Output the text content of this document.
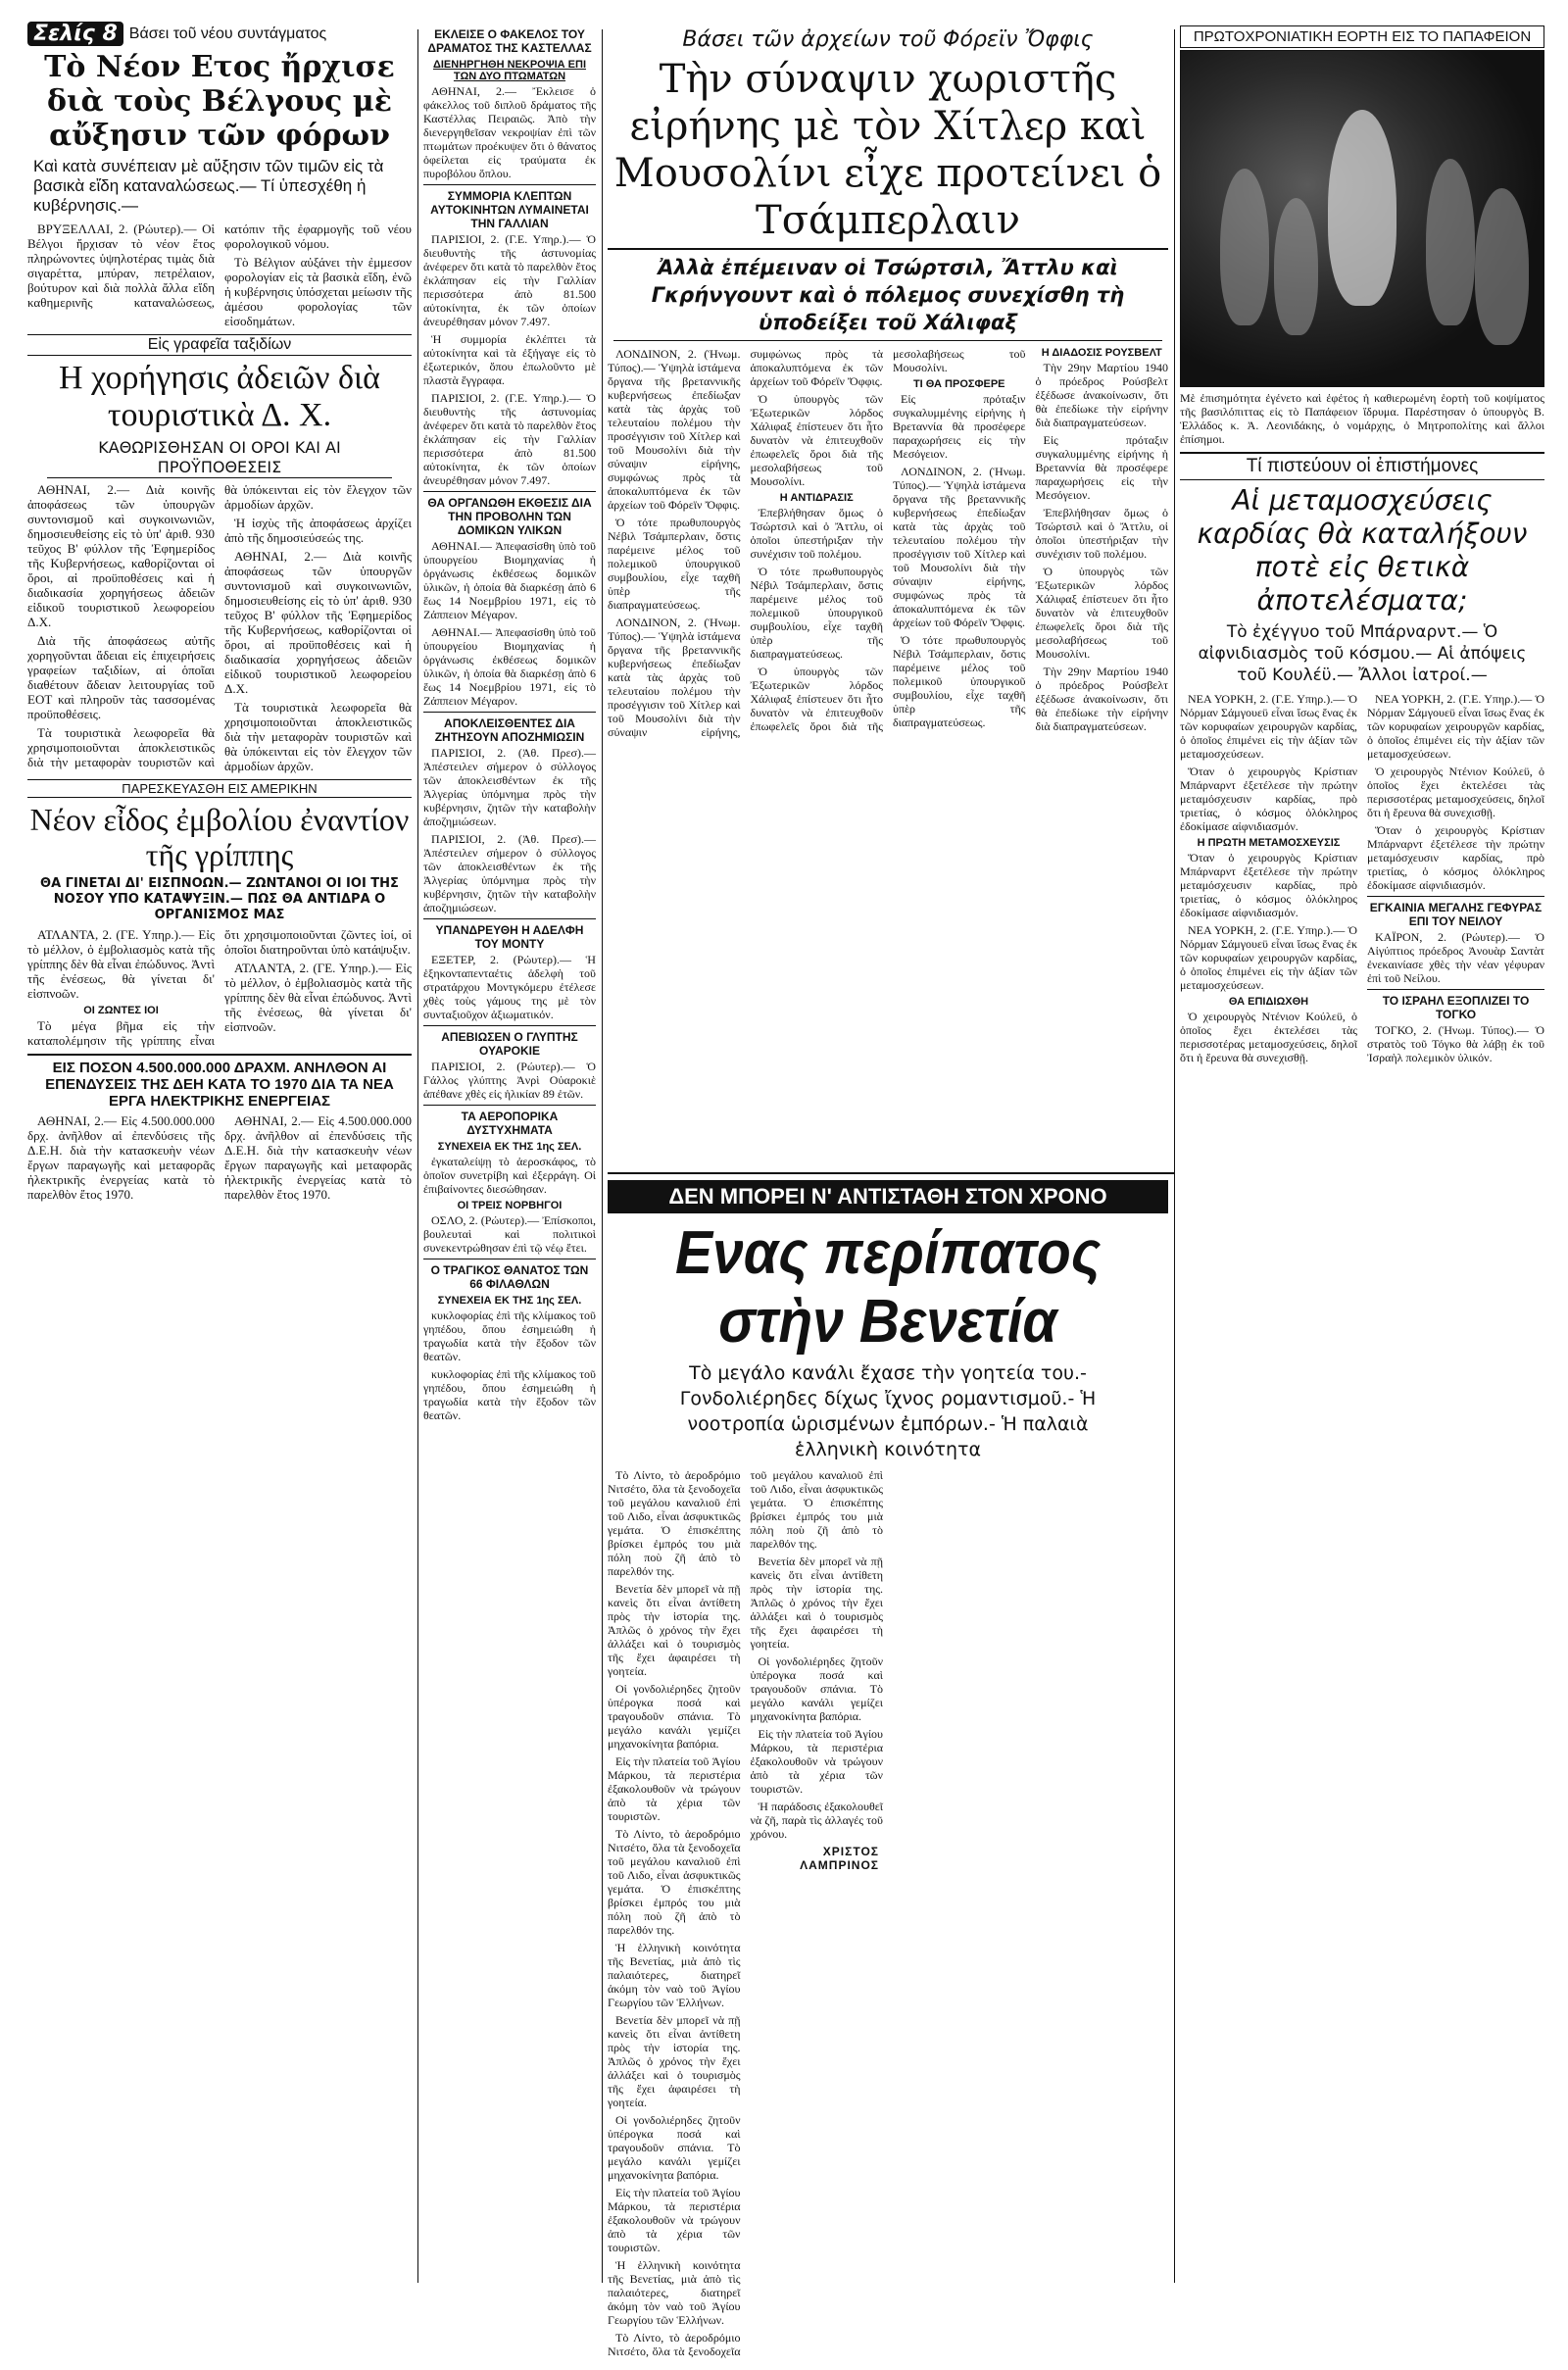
Σελίς 8 Βάσει τοῦ νέου συντάγματος
Τὸ Νέον Ετος ἤρχισε διὰ τοὺς Βέλγους μὲ αὔξησιν τῶν φόρων

Καὶ κατὰ συνέπειαν μὲ αὔξησιν τῶν τιμῶν εἰς τὰ βασικὰ εἴδη καταναλώσεως.— Τί ὑπεσχέθη ἡ κυβέρνησις.—

ΒΡΥΞΕΛΛΑΙ, 2. (Ρώυτερ).— Οἱ Βέλγοι ἤρχισαν τὸ νέον ἔτος πληρώνοντες ὑψηλοτέρας τιμὰς διὰ σιγαρέττα, μπύραν, πετρέλαιον, βούτυρον καὶ διὰ πολλὰ ἄλλα εἴδη καθημερινῆς καταναλώσεως, κατόπιν τῆς ἐφαρμογῆς τοῦ νέου φορολογικοῦ νόμου.

Τὸ Βέλγιον αὐξάνει τὴν ἐμμεσον φορολογίαν εἰς τὰ βασικὰ εἴδη, ἐνῶ ἡ κυβέρνησις ὑπόσχεται μείωσιν τῆς ἀμέσου φορολογίας τῶν εἰσοδημάτων.

Εἰς γραφεῖα ταξιδίων
Η χορήγησις ἀδειῶν διὰ τουριστικὰ Δ. Χ.

ΚΑΘΩΡΙΣΘΗΣΑΝ ΟΙ ΟΡΟΙ ΚΑΙ ΑΙ ΠΡΟΫΠΟΘΕΣΕΙΣ

ΑΘΗΝΑΙ, 2.— Διὰ κοινῆς ἀποφάσεως τῶν ὑπουργῶν συντονισμοῦ καὶ συγκοινωνιῶν, δημοσιευθείσης εἰς τὸ ὑπ' ἀριθ. 930 τεῦχος Β' φύλλον τῆς Ἐφημερίδος τῆς Κυβερνήσεως, καθορίζονται οἱ ὅροι, αἱ προϋποθέσεις καὶ ἡ διαδικασία χορηγήσεως ἀδειῶν εἰδικοῦ τουριστικοῦ λεωφορείου Δ.Χ.

Διὰ τῆς ἀποφάσεως αὐτῆς χορηγοῦνται ἄδειαι εἰς ἐπιχειρήσεις γραφείων ταξιδίων, αἱ ὁποῖαι διαθέτουν ἄδειαν λειτουργίας τοῦ ΕΟΤ καὶ πληροῦν τὰς τασσομένας προϋποθέσεις.

Τὰ τουριστικὰ λεωφορεῖα θὰ χρησιμοποιοῦνται ἀποκλειστικῶς διὰ τὴν μεταφορὰν τουριστῶν καὶ θὰ ὑπόκεινται εἰς τὸν ἔλεγχον τῶν ἁρμοδίων ἀρχῶν.

Ἡ ἰσχὺς τῆς ἀποφάσεως ἀρχίζει ἀπὸ τῆς δημοσιεύσεώς της.

ΑΘΗΝΑΙ, 2.— Διὰ κοινῆς ἀποφάσεως τῶν ὑπουργῶν συντονισμοῦ καὶ συγκοινωνιῶν, δημοσιευθείσης εἰς τὸ ὑπ' ἀριθ. 930 τεῦχος Β' φύλλον τῆς Ἐφημερίδος τῆς Κυβερνήσεως, καθορίζονται οἱ ὅροι, αἱ προϋποθέσεις καὶ ἡ διαδικασία χορηγήσεως ἀδειῶν εἰδικοῦ τουριστικοῦ λεωφορείου Δ.Χ.

Τὰ τουριστικὰ λεωφορεῖα θὰ χρησιμοποιοῦνται ἀποκλειστικῶς διὰ τὴν μεταφορὰν τουριστῶν καὶ θὰ ὑπόκεινται εἰς τὸν ἔλεγχον τῶν ἁρμοδίων ἀρχῶν.

ΠΑΡΕΣΚΕΥΑΣΘΗ ΕΙΣ ΑΜΕΡΙΚΗΝ
Νέον εἶδος ἐμβολίου ἐναντίον τῆς γρίππης

ΘΑ ΓΙΝΕΤΑΙ ΔΙ' ΕΙΣΠΝΟΩΝ.— ΖΩΝΤΑΝΟΙ ΟΙ ΙΟΙ ΤΗΣ ΝΟΣΟΥ ΥΠΟ ΚΑΤΑΨΥΞΙΝ.— ΠΩΣ ΘΑ ΑΝΤΙΔΡΑ Ο ΟΡΓΑΝΙΣΜΟΣ ΜΑΣ

ΑΤΛΑΝΤΑ, 2. (ΓΕ. Υπηρ.).— Εἰς τὸ μέλλον, ὁ ἐμβολιασμὸς κατὰ τῆς γρίππης δὲν θὰ εἶναι ἐπώδυνος. Ἀντὶ τῆς ἐνέσεως, θὰ γίνεται δι' εἰσπνοῶν.

ΟΙ ΖΩΝΤΕΣ ΙΟΙ

Τὸ μέγα βῆμα εἰς τὴν καταπολέμησιν τῆς γρίππης εἶναι ὅτι χρησιμοποιοῦνται ζῶντες ἰοί, οἱ ὁποῖοι διατηροῦνται ὑπὸ κατάψυξιν.

ΑΤΛΑΝΤΑ, 2. (ΓΕ. Υπηρ.).— Εἰς τὸ μέλλον, ὁ ἐμβολιασμὸς κατὰ τῆς γρίππης δὲν θὰ εἶναι ἐπώδυνος. Ἀντὶ τῆς ἐνέσεως, θὰ γίνεται δι' εἰσπνοῶν.

ΕΙΣ ΠΟΣΟΝ 4.500.000.000 ΔΡΑΧΜ. ΑΝΗΛΘΟΝ ΑΙ ΕΠΕΝΔΥΣΕΙΣ ΤΗΣ ΔΕΗ ΚΑΤΑ ΤΟ 1970 ΔΙΑ ΤΑ ΝΕΑ ΕΡΓΑ ΗΛΕΚΤΡΙΚΗΣ ΕΝΕΡΓΕΙΑΣ

ΑΘΗΝΑΙ, 2.— Εἰς 4.500.000.000 δρχ. ἀνῆλθον αἱ ἐπενδύσεις τῆς Δ.Ε.Η. διὰ τὴν κατασκευὴν νέων ἔργων παραγωγῆς καὶ μεταφορᾶς ἠλεκτρικῆς ἐνεργείας κατὰ τὸ παρελθὸν ἔτος 1970.

ΑΘΗΝΑΙ, 2.— Εἰς 4.500.000.000 δρχ. ἀνῆλθον αἱ ἐπενδύσεις τῆς Δ.Ε.Η. διὰ τὴν κατασκευὴν νέων ἔργων παραγωγῆς καὶ μεταφορᾶς ἠλεκτρικῆς ἐνεργείας κατὰ τὸ παρελθὸν ἔτος 1970.

ΕΚΛΕΙΣΕ Ο ΦΑΚΕΛΟΣ ΤΟΥ ΔΡΑΜΑΤΟΣ ΤΗΣ ΚΑΣΤΕΛΛΑΣ

ΔΙΕΝΗΡΓΗΘΗ ΝΕΚΡΟΨΙΑ ΕΠΙ ΤΩΝ ΔΥΟ ΠΤΩΜΑΤΩΝ

ΑΘΗΝΑΙ, 2.— Ἔκλεισε ὁ φάκελλος τοῦ διπλοῦ δράματος τῆς Καστέλλας Πειραιῶς. Ἀπὸ τὴν διενεργηθεῖσαν νεκροψίαν ἐπὶ τῶν πτωμάτων προέκυψεν ὅτι ὁ θάνατος ὀφείλεται εἰς τραύματα ἐκ πυροβόλου ὅπλου.

ΣΥΜΜΟΡΙΑ ΚΛΕΠΤΩΝ ΑΥΤΟΚΙΝΗΤΩΝ ΛΥΜΑΙΝΕΤΑΙ ΤΗΝ ΓΑΛΛΙΑΝ

ΠΑΡΙΣΙΟΙ, 2. (Γ.Ε. Υπηρ.).— Ὁ διευθυντὴς τῆς ἀστυνομίας ἀνέφερεν ὅτι κατὰ τὸ παρελθὸν ἔτος ἐκλάπησαν εἰς τὴν Γαλλίαν περισσότερα ἀπὸ 81.500 αὐτοκίνητα, ἐκ τῶν ὁποίων ἀνευρέθησαν μόνον 7.497.

Ἡ συμμορία ἐκλέπτει τὰ αὐτοκίνητα καὶ τὰ ἐξήγαγε εἰς τὸ ἐξωτερικόν, ὅπου ἐπωλοῦντο μὲ πλαστὰ ἔγγραφα.

ΠΑΡΙΣΙΟΙ, 2. (Γ.Ε. Υπηρ.).— Ὁ διευθυντὴς τῆς ἀστυνομίας ἀνέφερεν ὅτι κατὰ τὸ παρελθὸν ἔτος ἐκλάπησαν εἰς τὴν Γαλλίαν περισσότερα ἀπὸ 81.500 αὐτοκίνητα, ἐκ τῶν ὁποίων ἀνευρέθησαν μόνον 7.497.

ΘΑ ΟΡΓΑΝΩΘΗ ΕΚΘΕΣΙΣ ΔΙΑ ΤΗΝ ΠΡΟΒΟΛΗΝ ΤΩΝ ΔΟΜΙΚΩΝ ΥΛΙΚΩΝ

ΑΘΗΝΑΙ.— Ἀπεφασίσθη ὑπὸ τοῦ ὑπουργείου Βιομηχανίας ἡ ὀργάνωσις ἐκθέσεως δομικῶν ὑλικῶν, ἡ ὁποία θὰ διαρκέσῃ ἀπὸ 6 ἕως 14 Νοεμβρίου 1971, εἰς τὸ Ζάππειον Μέγαρον.

ΑΘΗΝΑΙ.— Ἀπεφασίσθη ὑπὸ τοῦ ὑπουργείου Βιομηχανίας ἡ ὀργάνωσις ἐκθέσεως δομικῶν ὑλικῶν, ἡ ὁποία θὰ διαρκέσῃ ἀπὸ 6 ἕως 14 Νοεμβρίου 1971, εἰς τὸ Ζάππειον Μέγαρον.

ΑΠΟΚΛΕΙΣΘΕΝΤΕΣ ΔΙΑ ΖΗΤΗΣΟΥΝ ΑΠΟΖΗΜΙΩΣΙΝ

ΠΑΡΙΣΙΟΙ, 2. (Ἀθ. Πρεσ).— Ἀπέστειλεν σήμερον ὁ σύλλογος τῶν ἀποκλεισθέντων ἐκ τῆς Ἀλγερίας ὑπόμνημα πρὸς τὴν κυβέρνησιν, ζητῶν τὴν καταβολὴν ἀποζημιώσεων.

ΠΑΡΙΣΙΟΙ, 2. (Ἀθ. Πρεσ).— Ἀπέστειλεν σήμερον ὁ σύλλογος τῶν ἀποκλεισθέντων ἐκ τῆς Ἀλγερίας ὑπόμνημα πρὸς τὴν κυβέρνησιν, ζητῶν τὴν καταβολὴν ἀποζημιώσεων.

ΥΠΑΝΔΡΕΥΘΗ Η ΑΔΕΛΦΗ ΤΟΥ ΜΟΝΤΥ

ΕΞΕΤΕΡ, 2. (Ρώυτερ).— Ἡ ἑξηκονταπενταέτις ἀδελφὴ τοῦ στρατάρχου Μοντγκόμερυ ἐτέλεσε χθὲς τοὺς γάμους της μὲ τὸν συνταξιοῦχον ἀξιωματικόν.

ΑΠΕΒΙΩΣΕΝ Ο ΓΛΥΠΤΗΣ ΟΥΑΡΟΚΙΕ

ΠΑΡΙΣΙΟΙ, 2. (Ρώυτερ).— Ὁ Γάλλος γλύπτης Ἀνρὶ Οὐαροκιὲ ἀπέθανε χθὲς εἰς ἡλικίαν 89 ἐτῶν.

ΤΑ ΑΕΡΟΠΟΡΙΚΑ ΔΥΣΤΥΧΗΜΑΤΑ

ΣΥΝΕΧΕΙΑ ΕΚ ΤΗΣ 1ης ΣΕΛ.

ἐγκαταλείψῃ τὸ ἀεροσκάφος, τὸ ὁποῖον συνετρίβη καὶ ἐξερράγη. Οἱ ἐπιβαίνοντες διεσώθησαν.

ΟΙ ΤΡΕΙΣ ΝΟΡΒΗΓΟΙ

ΟΣΛΟ, 2. (Ρώυτερ).— Ἐπίσκοποι, βουλευταὶ καὶ πολιτικοὶ συνεκεντρώθησαν ἐπὶ τῷ νέῳ ἔτει.

Ο ΤΡΑΓΙΚΟΣ ΘΑΝΑΤΟΣ ΤΩΝ 66 ΦΙΛΑΘΛΩΝ

ΣΥΝΕΧΕΙΑ ΕΚ ΤΗΣ 1ης ΣΕΛ.

κυκλοφορίας ἐπὶ τῆς κλίμακος τοῦ γηπέδου, ὅπου ἐσημειώθη ἡ τραγωδία κατὰ τὴν ἔξοδον τῶν θεατῶν.

κυκλοφορίας ἐπὶ τῆς κλίμακος τοῦ γηπέδου, ὅπου ἐσημειώθη ἡ τραγωδία κατὰ τὴν ἔξοδον τῶν θεατῶν.

Βάσει τῶν ἀρχείων τοῦ Φόρεϊν Ὄφφις

Τὴν σύναψιν χωριστῆς εἰρήνης μὲ τὸν Χίτλερ καὶ Μουσολίνι εἶχε προτείνει ὁ Τσάμπερλαιν

Ἀλλὰ ἐπέμειναν οἱ Τσώρτσιλ, Ἄττλυ καὶ Γκρήνγουντ καὶ ὁ πόλεμος συνεχίσθη τὴ ὑποδείξει τοῦ Χάλιφαξ

ΛΟΝΔΙΝΟΝ, 2. (Ἡνωμ. Τύπος).— Ὑψηλὰ ἱστάμενα ὄργανα τῆς βρεταννικῆς κυβερνήσεως ἐπεδίωξαν κατὰ τὰς ἀρχὰς τοῦ τελευταίου πολέμου τὴν προσέγγισιν τοῦ Χίτλερ καὶ τοῦ Μουσολίνι διὰ τὴν σύναψιν εἰρήνης, συμφώνως πρὸς τὰ ἀποκαλυπτόμενα ἐκ τῶν ἀρχείων τοῦ Φόρεϊν Ὄφφις.

Ὁ τότε πρωθυπουργὸς Νέβιλ Τσάμπερλαιν, ὅστις παρέμεινε μέλος τοῦ πολεμικοῦ ὑπουργικοῦ συμβουλίου, εἶχε ταχθῆ ὑπὲρ τῆς διαπραγματεύσεως.

ΛΟΝΔΙΝΟΝ, 2. (Ἡνωμ. Τύπος).— Ὑψηλὰ ἱστάμενα ὄργανα τῆς βρεταννικῆς κυβερνήσεως ἐπεδίωξαν κατὰ τὰς ἀρχὰς τοῦ τελευταίου πολέμου τὴν προσέγγισιν τοῦ Χίτλερ καὶ τοῦ Μουσολίνι διὰ τὴν σύναψιν εἰρήνης, συμφώνως πρὸς τὰ ἀποκαλυπτόμενα ἐκ τῶν ἀρχείων τοῦ Φόρεϊν Ὄφφις.

Ὁ ὑπουργὸς τῶν Ἐξωτερικῶν λόρδος Χάλιφαξ ἐπίστευεν ὅτι ἦτο δυνατὸν νὰ ἐπιτευχθοῦν ἐπωφελεῖς ὅροι διὰ τῆς μεσολαβήσεως τοῦ Μουσολίνι.

Η ΑΝΤΙΔΡΑΣΙΣ

Ἐπεβλήθησαν ὅμως ὁ Τσώρτσιλ καὶ ὁ Ἄττλυ, οἱ ὁποῖοι ὑπεστήριξαν τὴν συνέχισιν τοῦ πολέμου.

Ὁ τότε πρωθυπουργὸς Νέβιλ Τσάμπερλαιν, ὅστις παρέμεινε μέλος τοῦ πολεμικοῦ ὑπουργικοῦ συμβουλίου, εἶχε ταχθῆ ὑπὲρ τῆς διαπραγματεύσεως.

Ὁ ὑπουργὸς τῶν Ἐξωτερικῶν λόρδος Χάλιφαξ ἐπίστευεν ὅτι ἦτο δυνατὸν νὰ ἐπιτευχθοῦν ἐπωφελεῖς ὅροι διὰ τῆς μεσολαβήσεως τοῦ Μουσολίνι.

ΤΙ ΘΑ ΠΡΟΣΦΕΡΕ

Εἰς πρόταξιν συγκαλυμμένης εἰρήνης ἡ Βρεταννία θὰ προσέφερε παραχωρήσεις εἰς τὴν Μεσόγειον.

ΛΟΝΔΙΝΟΝ, 2. (Ἡνωμ. Τύπος).— Ὑψηλὰ ἱστάμενα ὄργανα τῆς βρεταννικῆς κυβερνήσεως ἐπεδίωξαν κατὰ τὰς ἀρχὰς τοῦ τελευταίου πολέμου τὴν προσέγγισιν τοῦ Χίτλερ καὶ τοῦ Μουσολίνι διὰ τὴν σύναψιν εἰρήνης, συμφώνως πρὸς τὰ ἀποκαλυπτόμενα ἐκ τῶν ἀρχείων τοῦ Φόρεϊν Ὄφφις.

Ὁ τότε πρωθυπουργὸς Νέβιλ Τσάμπερλαιν, ὅστις παρέμεινε μέλος τοῦ πολεμικοῦ ὑπουργικοῦ συμβουλίου, εἶχε ταχθῆ ὑπὲρ τῆς διαπραγματεύσεως.

Η ΔΙΑΔΟΣΙΣ ΡΟΥΣΒΕΛΤ

Τὴν 29ην Μαρτίου 1940 ὁ πρόεδρος Ρούσβελτ ἐξέδωσε ἀνακοίνωσιν, ὅτι θὰ ἐπεδίωκε τὴν εἰρήνην διὰ διαπραγματεύσεων.

Εἰς πρόταξιν συγκαλυμμένης εἰρήνης ἡ Βρεταννία θὰ προσέφερε παραχωρήσεις εἰς τὴν Μεσόγειον.

Ἐπεβλήθησαν ὅμως ὁ Τσώρτσιλ καὶ ὁ Ἄττλυ, οἱ ὁποῖοι ὑπεστήριξαν τὴν συνέχισιν τοῦ πολέμου.

Ὁ ὑπουργὸς τῶν Ἐξωτερικῶν λόρδος Χάλιφαξ ἐπίστευεν ὅτι ἦτο δυνατὸν νὰ ἐπιτευχθοῦν ἐπωφελεῖς ὅροι διὰ τῆς μεσολαβήσεως τοῦ Μουσολίνι.

Τὴν 29ην Μαρτίου 1940 ὁ πρόεδρος Ρούσβελτ ἐξέδωσε ἀνακοίνωσιν, ὅτι θὰ ἐπεδίωκε τὴν εἰρήνην διὰ διαπραγματεύσεων.

ΔΕΝ ΜΠΟΡΕΙ Ν' ΑΝΤΙΣΤΑΘΗ ΣΤΟΝ ΧΡΟΝΟ
Ενας περίπατος στὴν Βενετία

Τὸ μεγάλο κανάλι ἔχασε τὴν γοητεία του.- Γονδολιέρηδες δίχως ἴχνος ρομαντισμοῦ.- Ἡ νοοτροπία ὡρισμένων ἐμπόρων.- Ἡ παλαιὰ ἑλληνικὴ κοινότητα

Τὸ Λίντο, τὸ ἀεροδρόμιο Νιτσέτο, ὅλα τὰ ξενοδοχεῖα τοῦ μεγάλου καναλιοῦ ἐπὶ τοῦ Λιδο, εἶναι ἀσφυκτικῶς γεμάτα. Ὁ ἐπισκέπτης βρίσκει ἐμπρός του μιὰ πόλη ποὺ ζῆ ἀπὸ τὸ παρελθόν της.

Βενετία δὲν μπορεῖ νὰ πῇ κανεὶς ὅτι εἶναι ἀντίθετη πρὸς τὴν ἱστορία της. Ἀπλῶς ὁ χρόνος τὴν ἔχει ἀλλάξει καὶ ὁ τουρισμὸς τῆς ἔχει ἀφαιρέσει τὴ γοητεία.

Οἱ γονδολιέρηδες ζητοῦν ὑπέρογκα ποσά καὶ τραγουδοῦν σπάνια. Τὸ μεγάλο κανάλι γεμίζει μηχανοκίνητα βαπόρια.

Εἰς τὴν πλατεία τοῦ Ἁγίου Μάρκου, τὰ περιστέρια ἐξακολουθοῦν νὰ τρώγουν ἀπὸ τὰ χέρια τῶν τουριστῶν.

Τὸ Λίντο, τὸ ἀεροδρόμιο Νιτσέτο, ὅλα τὰ ξενοδοχεῖα τοῦ μεγάλου καναλιοῦ ἐπὶ τοῦ Λιδο, εἶναι ἀσφυκτικῶς γεμάτα. Ὁ ἐπισκέπτης βρίσκει ἐμπρός του μιὰ πόλη ποὺ ζῆ ἀπὸ τὸ παρελθόν της.

Ἡ ἑλληνικὴ κοινότητα τῆς Βενετίας, μιὰ ἀπὸ τὶς παλαιότερες, διατηρεῖ ἀκόμη τὸν ναὸ τοῦ Ἁγίου Γεωργίου τῶν Ἑλλήνων.

Βενετία δὲν μπορεῖ νὰ πῇ κανεὶς ὅτι εἶναι ἀντίθετη πρὸς τὴν ἱστορία της. Ἀπλῶς ὁ χρόνος τὴν ἔχει ἀλλάξει καὶ ὁ τουρισμὸς τῆς ἔχει ἀφαιρέσει τὴ γοητεία.

Οἱ γονδολιέρηδες ζητοῦν ὑπέρογκα ποσά καὶ τραγουδοῦν σπάνια. Τὸ μεγάλο κανάλι γεμίζει μηχανοκίνητα βαπόρια.

Εἰς τὴν πλατεία τοῦ Ἁγίου Μάρκου, τὰ περιστέρια ἐξακολουθοῦν νὰ τρώγουν ἀπὸ τὰ χέρια τῶν τουριστῶν.

Ἡ ἑλληνικὴ κοινότητα τῆς Βενετίας, μιὰ ἀπὸ τὶς παλαιότερες, διατηρεῖ ἀκόμη τὸν ναὸ τοῦ Ἁγίου Γεωργίου τῶν Ἑλλήνων.

Τὸ Λίντο, τὸ ἀεροδρόμιο Νιτσέτο, ὅλα τὰ ξενοδοχεῖα τοῦ μεγάλου καναλιοῦ ἐπὶ τοῦ Λιδο, εἶναι ἀσφυκτικῶς γεμάτα. Ὁ ἐπισκέπτης βρίσκει ἐμπρός του μιὰ πόλη ποὺ ζῆ ἀπὸ τὸ παρελθόν της.

Βενετία δὲν μπορεῖ νὰ πῇ κανεὶς ὅτι εἶναι ἀντίθετη πρὸς τὴν ἱστορία της. Ἀπλῶς ὁ χρόνος τὴν ἔχει ἀλλάξει καὶ ὁ τουρισμὸς τῆς ἔχει ἀφαιρέσει τὴ γοητεία.

Οἱ γονδολιέρηδες ζητοῦν ὑπέρογκα ποσά καὶ τραγουδοῦν σπάνια. Τὸ μεγάλο κανάλι γεμίζει μηχανοκίνητα βαπόρια.

Εἰς τὴν πλατεία τοῦ Ἁγίου Μάρκου, τὰ περιστέρια ἐξακολουθοῦν νὰ τρώγουν ἀπὸ τὰ χέρια τῶν τουριστῶν.

Ἡ παράδοσις ἐξακολουθεῖ νὰ ζῆ, παρὰ τὶς ἀλλαγές τοῦ χρόνου.

ΧΡΙΣΤΟΣ ΛΑΜΠΡΙΝΟΣ

ΠΡΩΤΟΧΡΟΝΙΑΤΙΚΗ ΕΟΡΤΗ ΕΙΣ ΤΟ ΠΑΠΑΦΕΙΟΝ

Μὲ ἐπισημότητα ἐγένετο καὶ ἐφέτος ἡ καθιερωμένη ἑορτὴ τοῦ κοψίματος τῆς βασιλόπιττας εἰς τὸ Παπάφειον ἵδρυμα. Παρέστησαν ὁ ὑπουργὸς Β. Ἑλλάδος κ. Ἀ. Λεονιδάκης, ὁ νομάρχης, ὁ Μητροπολίτης καὶ ἄλλοι ἐπίσημοι.

Τί πιστεύουν οἱ ἐπιστήμονες

Αἱ μεταμοσχεύσεις καρδίας θὰ καταλήξουν ποτὲ εἰς θετικὰ ἀποτελέσματα;

Τὸ ἐχέγγυο τοῦ Μπάρναρντ.— Ὁ αἰφνιδιασμὸς τοῦ κόσμου.— Αἱ ἀπόψεις τοῦ Κουλέϋ.— Ἄλλοι ἰατροί.—

ΝΕΑ ΥΟΡΚΗ, 2. (Γ.Ε. Υπηρ.).— Ὁ Νόρμαν Σάμγουεϋ εἶναι ἴσως ἕνας ἐκ τῶν κορυφαίων χειρουργῶν καρδίας, ὁ ὁποῖος ἐπιμένει εἰς τὴν ἀξίαν τῶν μεταμοσχεύσεων.

Ὅταν ὁ χειρουργὸς Κρίστιαν Μπάρναρντ ἐξετέλεσε τὴν πρώτην μεταμόσχευσιν καρδίας, πρὸ τριετίας, ὁ κόσμος ὁλόκληρος ἐδοκίμασε αἰφνιδιασμόν.

Η ΠΡΩΤΗ ΜΕΤΑΜΟΣΧΕΥΣΙΣ

Ὅταν ὁ χειρουργὸς Κρίστιαν Μπάρναρντ ἐξετέλεσε τὴν πρώτην μεταμόσχευσιν καρδίας, πρὸ τριετίας, ὁ κόσμος ὁλόκληρος ἐδοκίμασε αἰφνιδιασμόν.

ΝΕΑ ΥΟΡΚΗ, 2. (Γ.Ε. Υπηρ.).— Ὁ Νόρμαν Σάμγουεϋ εἶναι ἴσως ἕνας ἐκ τῶν κορυφαίων χειρουργῶν καρδίας, ὁ ὁποῖος ἐπιμένει εἰς τὴν ἀξίαν τῶν μεταμοσχεύσεων.

ΘΑ ΕΠΙΔΙΩΧΘΗ

Ὁ χειρουργὸς Ντένιον Κούλεϋ, ὁ ὁποῖος ἔχει ἐκτελέσει τὰς περισσοτέρας μεταμοσχεύσεις, δηλοῖ ὅτι ἡ ἔρευνα θὰ συνεχισθῇ.

ΝΕΑ ΥΟΡΚΗ, 2. (Γ.Ε. Υπηρ.).— Ὁ Νόρμαν Σάμγουεϋ εἶναι ἴσως ἕνας ἐκ τῶν κορυφαίων χειρουργῶν καρδίας, ὁ ὁποῖος ἐπιμένει εἰς τὴν ἀξίαν τῶν μεταμοσχεύσεων.

Ὁ χειρουργὸς Ντένιον Κούλεϋ, ὁ ὁποῖος ἔχει ἐκτελέσει τὰς περισσοτέρας μεταμοσχεύσεις, δηλοῖ ὅτι ἡ ἔρευνα θὰ συνεχισθῇ.

Ὅταν ὁ χειρουργὸς Κρίστιαν Μπάρναρντ ἐξετέλεσε τὴν πρώτην μεταμόσχευσιν καρδίας, πρὸ τριετίας, ὁ κόσμος ὁλόκληρος ἐδοκίμασε αἰφνιδιασμόν.

ΕΓΚΑΙΝΙΑ ΜΕΓΑΛΗΣ ΓΕΦΥΡΑΣ ΕΠΙ ΤΟΥ ΝΕΙΛΟΥ

ΚΑΪΡΟΝ, 2. (Ρώυτερ).— Ὁ Αἰγύπτιος πρόεδρος Ἀνουὰρ Σαντὰτ ἐνεκαινίασε χθὲς τὴν νέαν γέφυραν ἐπὶ τοῦ Νείλου.

ΤΟ ΙΣΡΑΗΛ ΕΞΟΠΛΙΖΕΙ ΤΟ ΤΟΓΚΟ

ΤΟΓΚΟ, 2. (Ἡνωμ. Τύπος).— Ὁ στρατὸς τοῦ Τόγκο θὰ λάβῃ ἐκ τοῦ Ἰσραὴλ πολεμικὸν ὑλικόν.
